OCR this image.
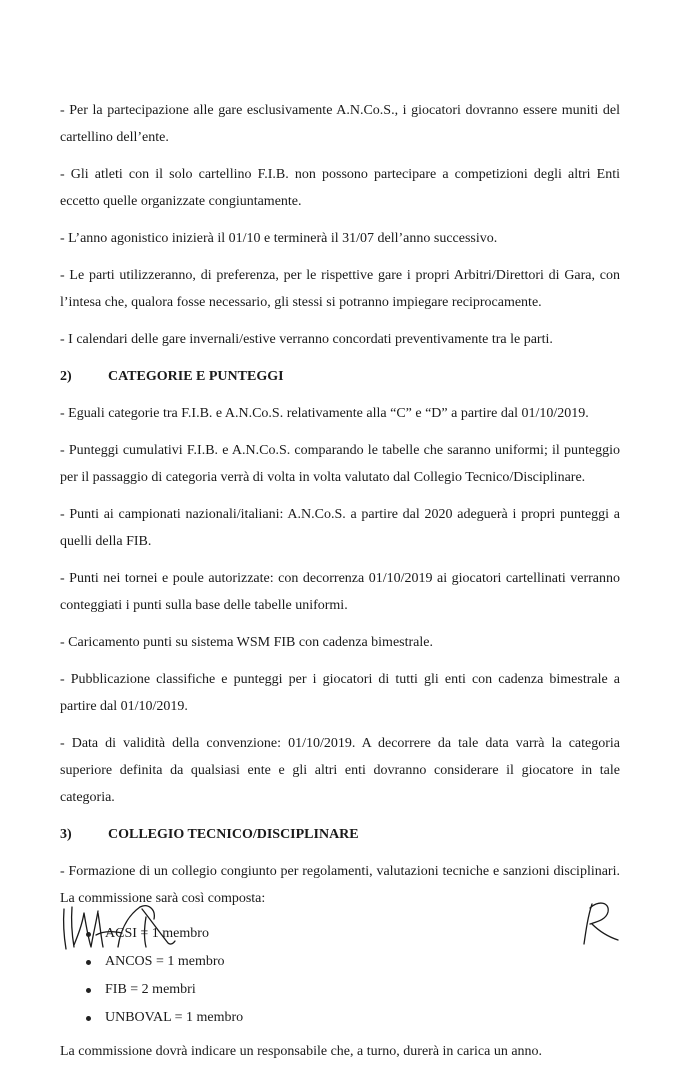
- Per la partecipazione alle gare esclusivamente A.N.Co.S., i giocatori dovranno essere muniti del cartellino dell’ente.

- Gli atleti con il solo cartellino F.I.B. non possono partecipare a competizioni degli altri Enti eccetto quelle organizzate congiuntamente.

- L’anno agonistico inizierà il 01/10 e terminerà il 31/07 dell’anno successivo.

- Le parti utilizzeranno, di preferenza, per le rispettive gare i propri Arbitri/Direttori di Gara, con l’intesa che, qualora fosse necessario, gli stessi si potranno impiegare reciprocamente.

- I calendari delle gare invernali/estive verranno concordati preventivamente tra le parti.

2)	CATEGORIE E PUNTEGGI

- Eguali categorie tra F.I.B. e A.N.Co.S. relativamente alla “C” e “D” a partire dal 01/10/2019.

- Punteggi cumulativi F.I.B. e A.N.Co.S. comparando le tabelle che saranno uniformi; il punteggio per il passaggio di categoria verrà di volta in volta valutato dal Collegio Tecnico/Disciplinare.

- Punti ai campionati nazionali/italiani: A.N.Co.S. a partire dal 2020 adeguerà i propri punteggi a quelli della FIB.

- Punti nei tornei e poule autorizzate: con decorrenza 01/10/2019 ai giocatori cartellinati verranno conteggiati i punti sulla base delle tabelle uniformi.

- Caricamento punti su sistema WSM FIB con cadenza bimestrale.

- Pubblicazione classifiche e punteggi per i giocatori di tutti gli enti con cadenza bimestrale a partire dal 01/10/2019.

- Data di validità della convenzione: 01/10/2019. A decorrere da tale data varrà la categoria superiore definita da qualsiasi ente e gli altri enti dovranno considerare il giocatore in tale categoria.

3)	COLLEGIO TECNICO/DISCIPLINARE

- Formazione di un collegio congiunto per regolamenti, valutazioni tecniche e sanzioni disciplinari. La commissione sarà così composta:

ACSI = 1 membro
ANCOS = 1 membro
FIB = 2 membri
UNBOVAL = 1 membro

La commissione dovrà indicare un responsabile che, a turno, durerà in carica un anno.
